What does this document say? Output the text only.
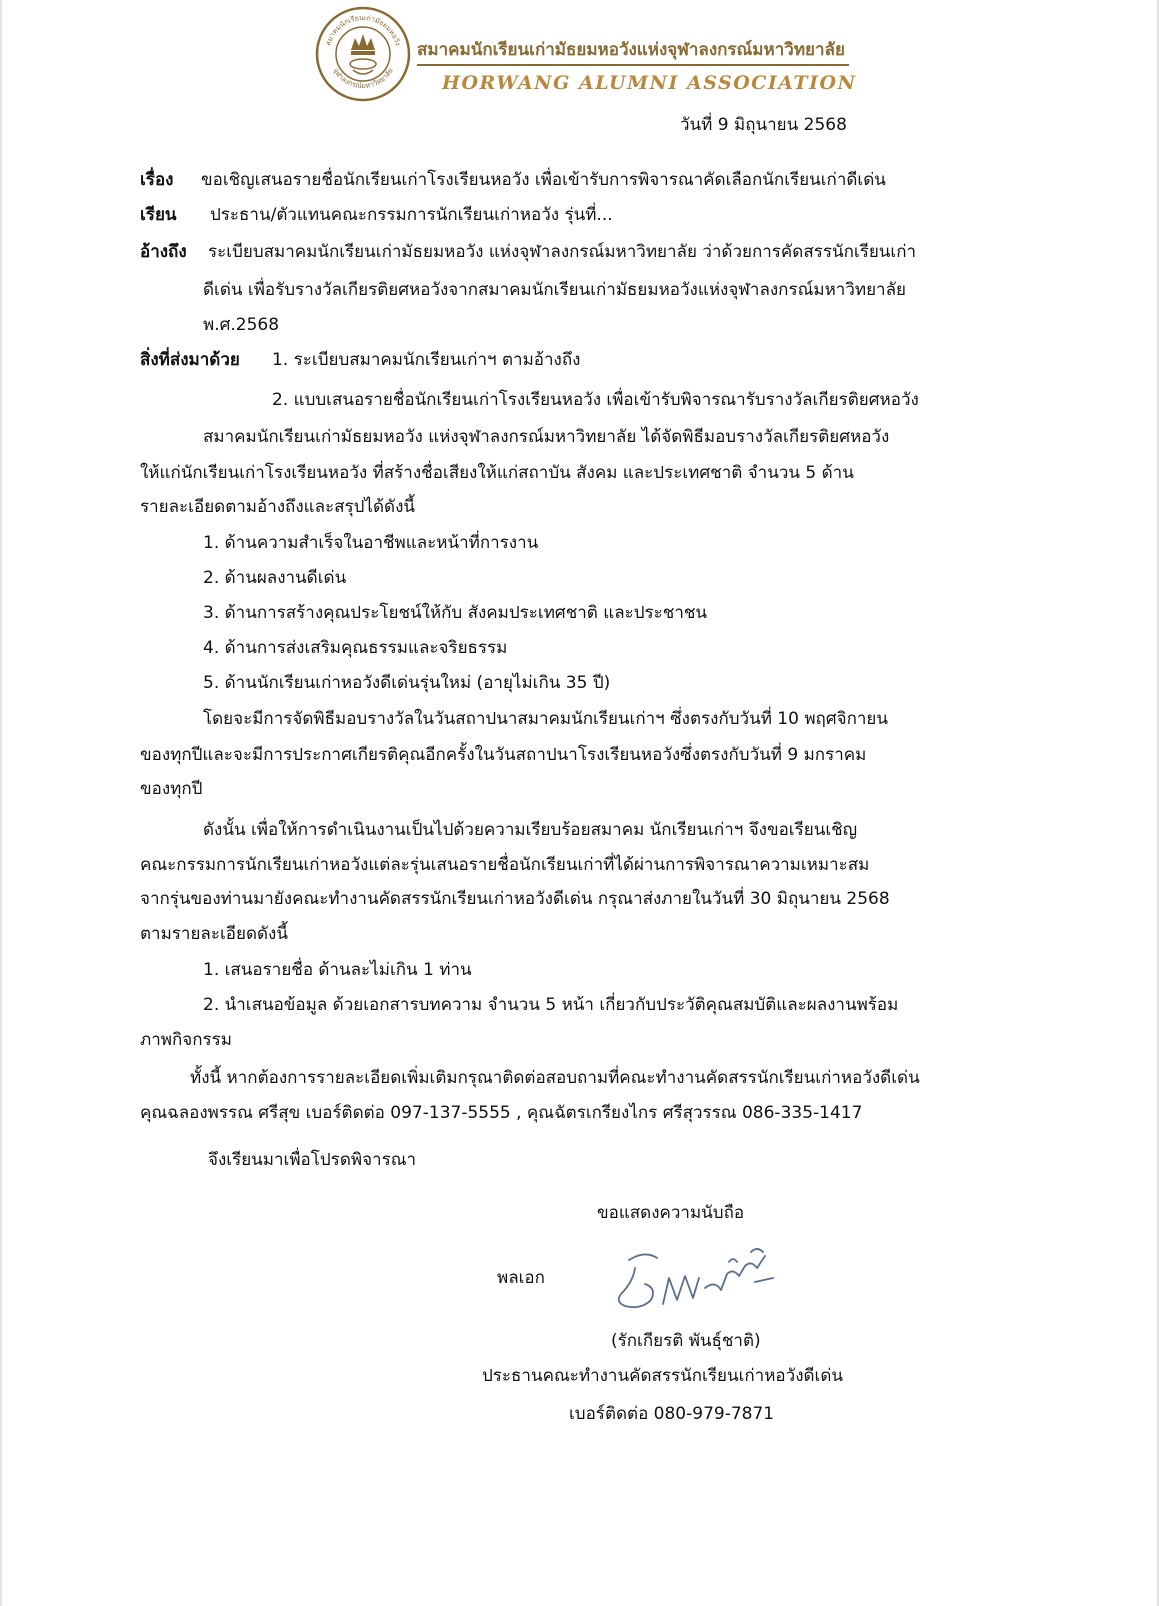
สมาคมนักเรียนเก่ามัธยมหอวัง
จุฬาลงกรณ์มหาวิทยาลัย
สมาคมนักเรียนเก่ามัธยมหอวังแห่งจุฬาลงกรณ์มหาวิทยาลัย
HORWANG ALUMNI ASSOCIATION
วันที่ 9 มิถุนายน 2568
เรื่อง ขอเชิญเสนอรายชื่อนักเรียนเก่าโรงเรียนหอวัง เพื่อเข้ารับการพิจารณาคัดเลือกนักเรียนเก่าดีเด่น
เรียน ประธาน/ตัวแทนคณะกรรมการนักเรียนเก่าหอวัง รุ่นที่...
อ้างถึง ระเบียบสมาคมนักเรียนเก่ามัธยมหอวัง แห่งจุฬาลงกรณ์มหาวิทยาลัย ว่าด้วยการคัดสรรนักเรียนเก่า
ดีเด่น เพื่อรับรางวัลเกียรติยศหอวังจากสมาคมนักเรียนเก่ามัธยมหอวังแห่งจุฬาลงกรณ์มหาวิทยาลัย
พ.ศ.2568
สิ่งที่ส่งมาด้วย 1. ระเบียบสมาคมนักเรียนเก่าฯ ตามอ้างถึง
2. แบบเสนอรายชื่อนักเรียนเก่าโรงเรียนหอวัง เพื่อเข้ารับพิจารณารับรางวัลเกียรติยศหอวัง
สมาคมนักเรียนเก่ามัธยมหอวัง แห่งจุฬาลงกรณ์มหาวิทยาลัย ได้จัดพิธีมอบรางวัลเกียรติยศหอวัง
ให้แก่นักเรียนเก่าโรงเรียนหอวัง ที่สร้างชื่อเสียงให้แก่สถาบัน สังคม และประเทศชาติ จำนวน 5 ด้าน
รายละเอียดตามอ้างถึงและสรุปได้ดังนี้
1. ด้านความสำเร็จในอาชีพและหน้าที่การงาน
2. ด้านผลงานดีเด่น
3. ด้านการสร้างคุณประโยชน์ให้กับ สังคมประเทศชาติ และประชาชน
4. ด้านการส่งเสริมคุณธรรมและจริยธรรม
5. ด้านนักเรียนเก่าหอวังดีเด่นรุ่นใหม่ (อายุไม่เกิน 35 ปี)
โดยจะมีการจัดพิธีมอบรางวัลในวันสถาปนาสมาคมนักเรียนเก่าฯ ซึ่งตรงกับวันที่ 10 พฤศจิกายน
ของทุกปีและจะมีการประกาศเกียรติคุณอีกครั้งในวันสถาปนาโรงเรียนหอวังซึ่งตรงกับวันที่ 9 มกราคม
ของทุกปี
ดังนั้น เพื่อให้การดำเนินงานเป็นไปด้วยความเรียบร้อยสมาคม นักเรียนเก่าฯ จึงขอเรียนเชิญ
คณะกรรมการนักเรียนเก่าหอวังแต่ละรุ่นเสนอรายชื่อนักเรียนเก่าที่ได้ผ่านการพิจารณาความเหมาะสม
จากรุ่นของท่านมายังคณะทำงานคัดสรรนักเรียนเก่าหอวังดีเด่น กรุณาส่งภายในวันที่ 30 มิถุนายน 2568
ตามรายละเอียดดังนี้
1. เสนอรายชื่อ ด้านละไม่เกิน 1 ท่าน
2. นำเสนอข้อมูล ด้วยเอกสารบทความ จำนวน 5 หน้า เกี่ยวกับประวัติคุณสมบัติและผลงานพร้อม
ภาพกิจกรรม
ทั้งนี้ หากต้องการรายละเอียดเพิ่มเติมกรุณาติดต่อสอบถามที่คณะทำงานคัดสรรนักเรียนเก่าหอวังดีเด่น
คุณฉลองพรรณ ศรีสุข เบอร์ติดต่อ 097-137-5555 , คุณฉัตรเกรียงไกร ศรีสุวรรณ 086-335-1417
จึงเรียนมาเพื่อโปรดพิจารณา
ขอแสดงความนับถือ
พลเอก
(รักเกียรติ พันธุ์ชาติ)
ประธานคณะทำงานคัดสรรนักเรียนเก่าหอวังดีเด่น
เบอร์ติดต่อ 080-979-7871
